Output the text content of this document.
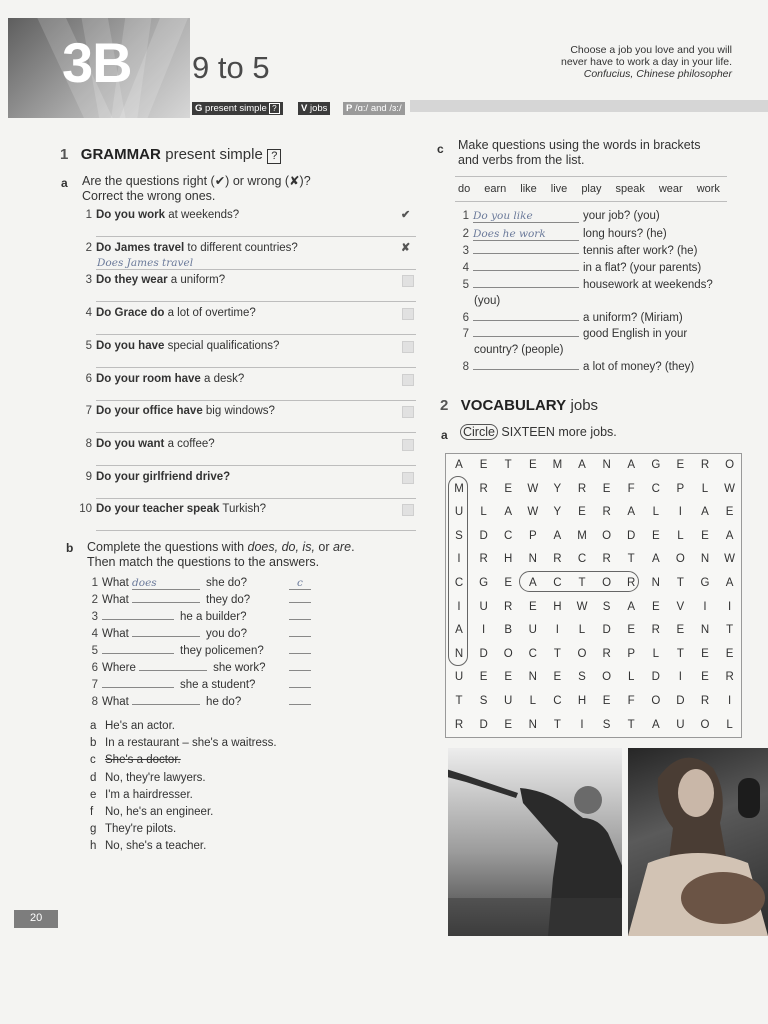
3B 9 to 5	Choose a job you love and you will
never have to work a day in your life.
Confucius, Chinese philosopher
G present simple ?	V jobs	P /ɑ:/ and /ɜ:/
1 GRAMMAR present simple ?
a Are the questions right (✔) or wrong (✘)?
Correct the wrong ones.
b Complete the questions with does, do, is, or are.
Then match the questions to the answers.
c Make questions using the words in brackets
and verbs from the list.
do earn like live play speak wear work
2 VOCABULARY jobs
a Circle SIXTEEN more jobs.
A	E	T	E	M	A	N	A	G	E	R	O
M	R	E	W	Y	R	E	F	C	P	L	W
U	L	A	W	Y	E	R	A	L	I	A	E
S	D	C	P	A	M	O	D	E	L	E	A
I	R	H	N	R	C	R	T	A	O	N	W
C	G	E	A	C	T	O	R	N	T	G	A
I	U	R	E	H	W	S	A	E	V	I	I
A	I	B	U	I	L	D	E	R	E	N	T
N	D	O	C	T	O	R	P	L	T	E	E
U	E	E	N	E	S	O	L	D	I	E	R
T	S	U	L	C	H	E	F	O	D	R	I
R	D	E	N	T	I	S	T	A	U	O	L
20
1 Do you work at weekends?	✔
2 Do James travel to different countries?
Does James travel
✘
3 Do they wear a uniform?
4 Do Grace do a lot of overtime?
5 Do you have special qualifications?
6 Do your room have a desk?
7 Do your office have big windows?
8 Do you want a coffee?
9 Do your girlfriend drive?
10 Do your teacher speak Turkish?
1 What does	she do?	c
2 What	they do?
3	he a builder?
4 What	you do?
5	they policemen?
6 Where	she work?
7	she a student?
8 What	he do?
a He's an actor.
b In a restaurant – she's a waitress.
c She's a doctor.
d No, they're lawyers.
e I'm a hairdresser.
f No, he's an engineer.
g They're pilots.
h No, she's a teacher.
1 Do you like	your job? (you)
2 Does he work	long hours? (he)
3	tennis after work? (he)
4	in a flat? (your parents)
5	housework at weekends?
(you)
6	a uniform? (Miriam)
7	good English in your
country? (people)
8	a lot of money? (they)
